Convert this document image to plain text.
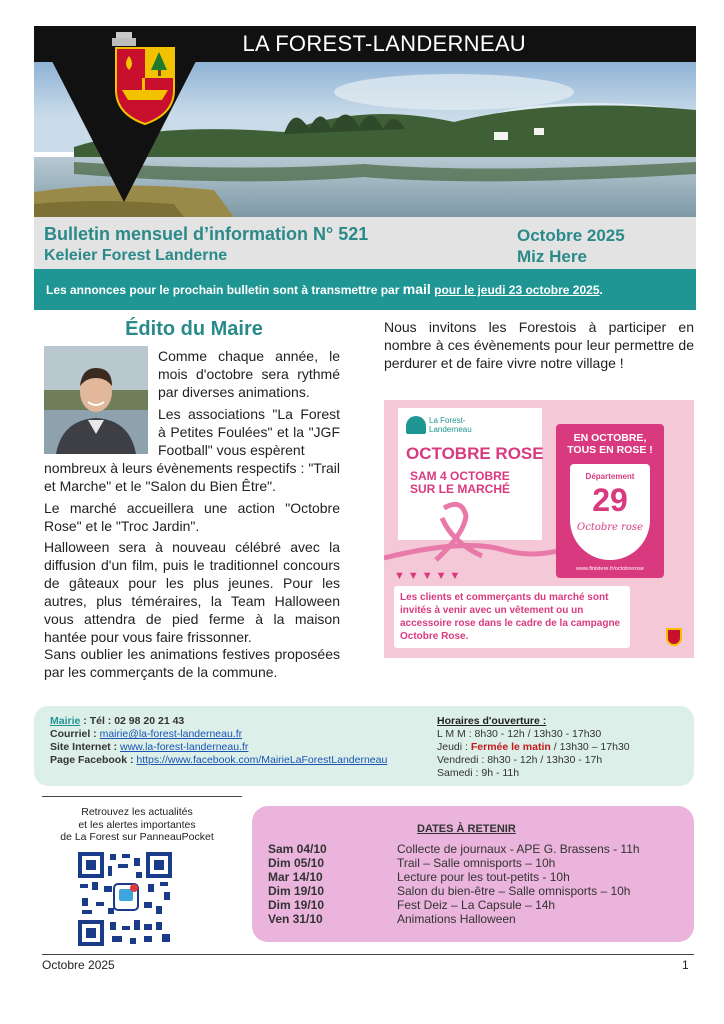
LA FOREST-LANDERNEAU
Bulletin mensuel d’information N° 521
Keleier Forest Landerne
Octobre 2025
Miz Here
Les annonces pour le prochain bulletin sont à transmettre par mail pour le jeudi 23 octobre 2025.
Édito du Maire

Comme chaque année, le mois d'octobre sera rythmé par diverses animations.

Les associations "La Forest à Petites Foulées" et la "JGF Football" vous espèrent

nombreux à leurs évènements respectifs : "Trail et Marche" et le "Salon du Bien Être".

Le marché accueillera une action "Octobre Rose" et le "Troc Jardin".

Halloween sera à nouveau célébré avec la diffusion d'un film, puis le traditionnel concours de gâteaux pour les plus jeunes. Pour les autres, plus téméraires, la Team Halloween vous attendra de pied ferme à la maison hantée pour vous faire frissonner.

Sans oublier les animations festives proposées par les commerçants de la commune.

Nous invitons les Forestois à participer en nombre à ces évènements pour leur permettre de perdurer et de faire vivre notre village !

La Forest-
Landerneau
OCTOBRE ROSE
SAM 4 OCTOBRE
SUR LE MARCHÉ
▼▼▼▼▼
EN OCTOBRE,
TOUS EN ROSE !
Département
29
Octobre rose
www.finistere.fr/octobrerose
Les clients et commerçants du marché sont invités à venir avec un vêtement ou un accessoire rose dans le cadre de la campagne Octobre Rose.
Mairie : Tél : 02 98 20 21 43
Courriel : mairie@la-forest-landerneau.fr
Site Internet : www.la-forest-landerneau.fr
Page Facebook : https://www.facebook.com/MairieLaForestLanderneau
Horaires d'ouverture :
L M M : 8h30 - 12h / 13h30 - 17h30
Jeudi : Fermée le matin / 13h30 – 17h30
Vendredi : 8h30 - 12h / 13h30 - 17h
Samedi : 9h - 11h
Retrouvez les actualités
et les alertes importantes
de La Forest sur PanneauPocket
DATES À RETENIR
Sam 04/10	Collecte de journaux - APE G. Brassens - 11h
Dim 05/10	Trail – Salle omnisports – 10h
Mar 14/10	Lecture pour les tout-petits - 10h
Dim 19/10	Salon du bien-être – Salle omnisports – 10h
Dim 19/10	Fest Deiz – La Capsule – 14h
Ven 31/10	Animations Halloween
Octobre 2025	1
